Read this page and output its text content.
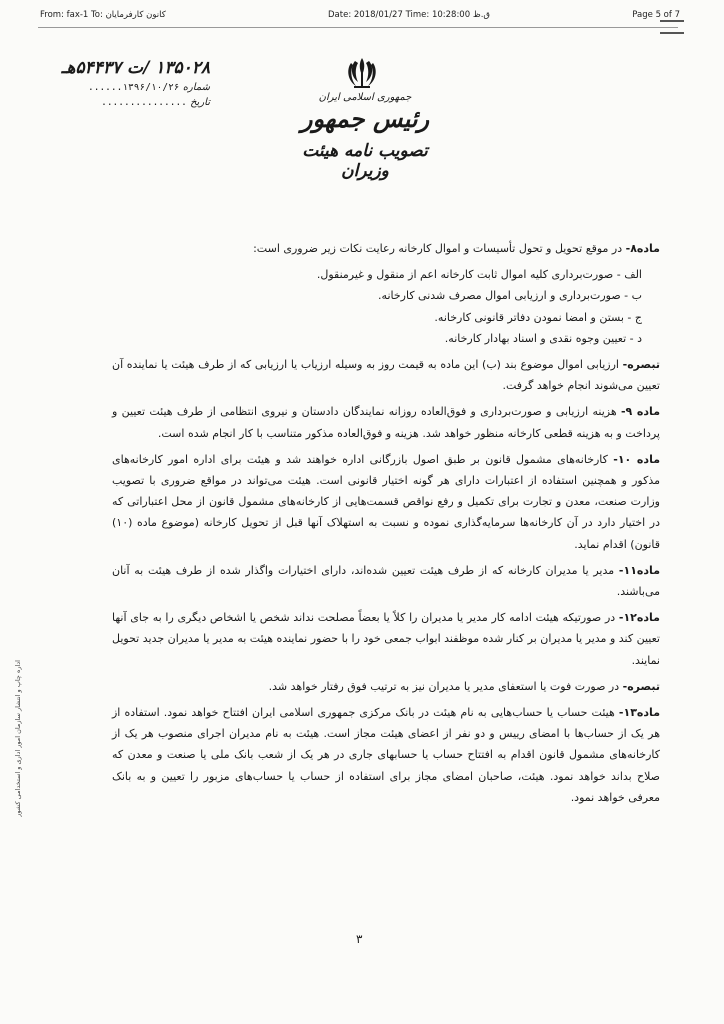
From: fax-1 To: کانون کارفرمایان	Date: 2018/01/27 Time: 10:28:00 ق.ظ	Page 5 of 7
۱۳۵۰۲۸ /ت ۵۴۴۳۷هـ
شماره ۱۳۹۶/۱۰/۲۶......
تاریخ ...............	جمهوری اسلامی ایران
رئیس جمهور
تصویب نامه هیئت وزیران

ماده۸- در موقع تحویل و تحول تأسیسات و اموال کارخانه رعایت نکات زیر ضروری است:

الف - صورت‌برداری کلیه اموال ثابت کارخانه اعم از منقول و غیرمنقول.

ب - صورت‌برداری و ارزیابی اموال مصرف شدنی کارخانه.

ج - بستن و امضا نمودن دفاتر قانونی کارخانه.

د - تعیین وجوه نقدی و اسناد بهادار کارخانه.

تبصره- ارزیابی اموال موضوع بند (ب) این ماده به قیمت روز به وسیله ارزیاب یا ارزیابی که از طرف هیئت یا نماینده آن تعیین می‌شوند انجام خواهد گرفت.

ماده ۹- هزینه ارزیابی و صورت‌برداری و فوق‌العاده روزانه نمایندگان دادستان و نیروی انتظامی از طرف هیئت تعیین و پرداخت و به هزینه قطعی کارخانه منظور خواهد شد. هزینه و فوق‌العاده مذکور متناسب با کار انجام شده است.

ماده ۱۰- کارخانه‌های مشمول قانون بر طبق اصول بازرگانی اداره خواهند شد و هیئت برای اداره امور کارخانه‌های مذکور و همچنین استفاده از اعتبارات دارای هر گونه اختیار قانونی است. هیئت می‌تواند در مواقع ضروری با تصویب وزارت صنعت، معدن و تجارت برای تکمیل و رفع نواقص قسمت‌هایی از کارخانه‌های مشمول قانون از محل اعتباراتی که در اختیار دارد در آن کارخانه‌ها سرمایه‌گذاری نموده و نسبت به استهلاک آنها قبل از تحویل کارخانه (موضوع ماده (۱۰) قانون) اقدام نماید.

ماده۱۱- مدیر یا مدیران کارخانه که از طرف هیئت تعیین شده‌اند، دارای اختیارات واگذار شده از طرف هیئت به آنان می‌باشند.

ماده۱۲- در صورتیکه هیئت ادامه کار مدیر یا مدیران را کلاً یا بعضاً مصلحت نداند شخص یا اشخاص دیگری را به جای آنها تعیین کند و مدیر یا مدیران بر کنار شده موظفند ابواب جمعی خود را با حضور نماینده هیئت به مدیر یا مدیران جدید تحویل نمایند.

تبصره- در صورت فوت یا استعفای مدیر یا مدیران نیز به ترتیب فوق رفتار خواهد شد.

ماده۱۳- هیئت حساب یا حساب‌هایی به نام هیئت در بانک مرکزی جمهوری اسلامی ایران افتتاح خواهد نمود. استفاده از هر یک از حساب‌ها با امضای رییس و دو نفر از اعضای هیئت مجاز است. هیئت به نام مدیران اجرای منصوب هر یک از کارخانه‌های مشمول قانون اقدام به افتتاح حساب یا حسابهای جاری در هر یک از شعب بانک ملی یا صنعت و معدن که صلاح بداند خواهد نمود. هیئت، صاحبان امضای مجاز برای استفاده از حساب یا حساب‌های مزبور را تعیین و به بانک معرفی خواهد نمود.

۳
اداره چاپ و انتشار سازمان امور اداری و استخدامی کشور
